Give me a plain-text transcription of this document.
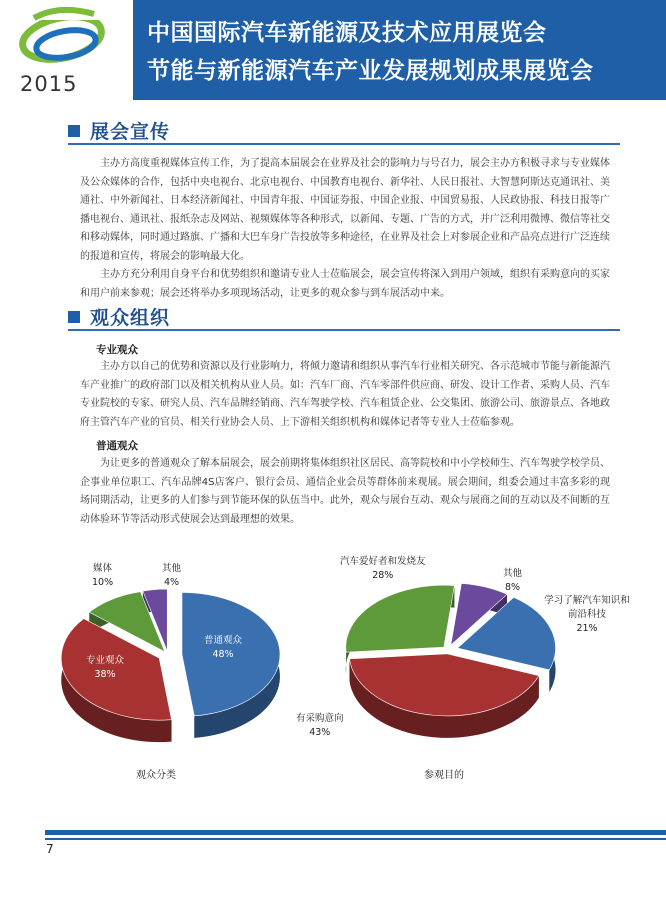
2015
中国国际汽车新能源及技术应用展览会
节能与新能源汽车产业发展规划成果展览会
展会宣传

主办方高度重视媒体宣传工作，为了提高本届展会在业界及社会的影响力与号召力，展会主办方积极寻求与专业媒体及公众媒体的合作，包括中央电视台、北京电视台、中国教育电视台、新华社、人民日报社、大智慧阿斯达克通讯社、美通社、中外新闻社、日本经济新闻社、中国青年报、中国证券报、中国企业报、中国贸易报、人民政协报、科技日报等广播电视台、通讯社、报纸杂志及网站、视频媒体等各种形式，以新闻、专题、广告的方式，并广泛利用微博、微信等社交和移动媒体，同时通过路旗、广播和大巴车身广告投放等多种途径，在业界及社会上对参展企业和产品亮点进行广泛连续的报道和宣传，将展会的影响最大化。

主办方充分利用自身平台和优势组织和邀请专业人士莅临展会，展会宣传将深入到用户领域，组织有采购意向的买家和用户前来参观；展会还将举办多项现场活动，让更多的观众参与到车展活动中来。

观众组织
专业观众

主办方以自己的优势和资源以及行业影响力，将倾力邀请和组织从事汽车行业相关研究、各示范城市节能与新能源汽车产业推广的政府部门以及相关机构从业人员。如：汽车厂商、汽车零部件供应商、研发、设计工作者、采购人员、汽车专业院校的专家、研究人员、汽车品牌经销商、汽车驾驶学校、汽车租赁企业、公交集团、旅游公司、旅游景点、各地政府主管汽车产业的官员、相关行业协会人员、上下游相关组织机构和媒体记者等专业人士莅临参观。

普通观众

为让更多的普通观众了解本届展会，展会前期将集体组织社区居民、高等院校和中小学校师生、汽车驾驶学校学员、企事业单位职工、汽车品牌4S店客户、银行会员、通信企业会员等群体前来观展。展会期间，组委会通过丰富多彩的现场同期活动，让更多的人们参与到节能环保的队伍当中。此外，观众与展台互动、观众与展商之间的互动以及不间断的互动体验环节等活动形式使展会达到最理想的效果。

普通观众
48%
专业观众
38%
媒体
10%
其他
4%
观众分类
学习了解汽车知识和前沿科技
21%
有采购意向
43%
汽车爱好者和发烧友
28%	其他
8%
参观目的
7
